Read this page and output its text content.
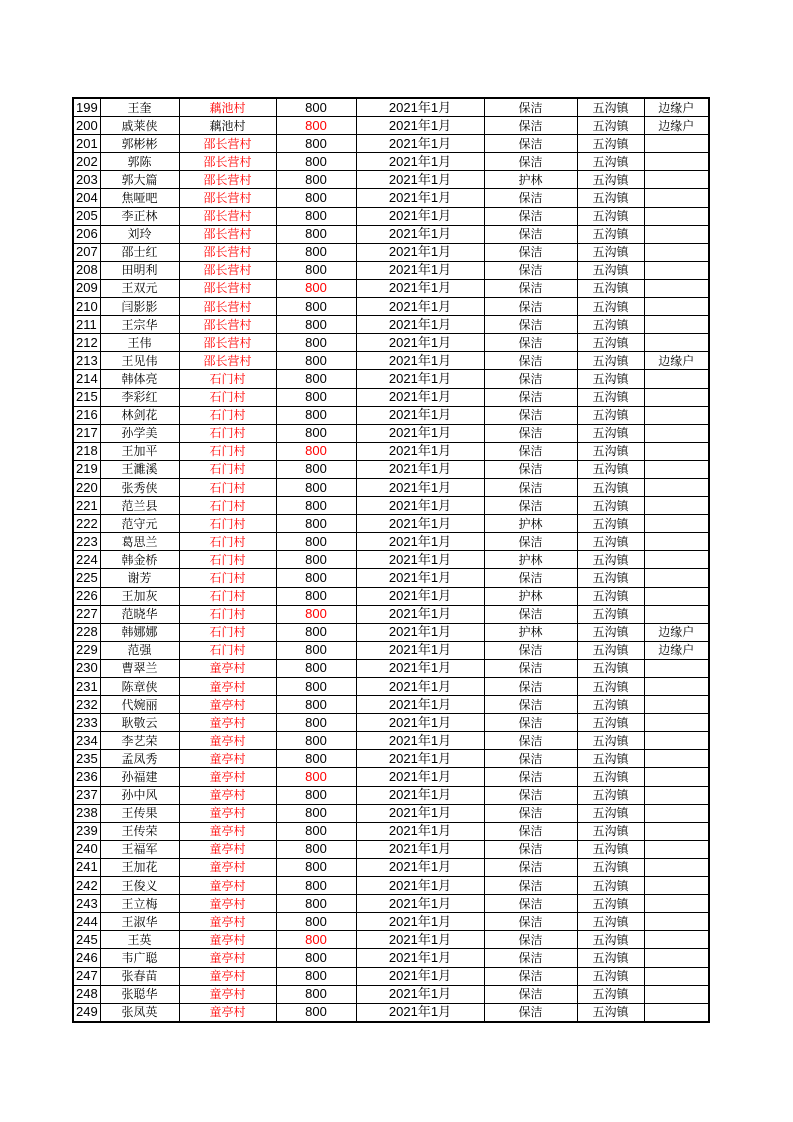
199	王奎	藕池村	800	2021年1月	保洁	五沟镇	边缘户
200	戚莱侠	藕池村	800	2021年1月	保洁	五沟镇	边缘户
201	郭彬彬	邵长营村	800	2021年1月	保洁	五沟镇	
202	郭陈	邵长营村	800	2021年1月	保洁	五沟镇	
203	郭大篇	邵长营村	800	2021年1月	护林	五沟镇	
204	焦哑吧	邵长营村	800	2021年1月	保洁	五沟镇	
205	李正林	邵长营村	800	2021年1月	保洁	五沟镇	
206	刘玲	邵长营村	800	2021年1月	保洁	五沟镇	
207	邵士红	邵长营村	800	2021年1月	保洁	五沟镇	
208	田明利	邵长营村	800	2021年1月	保洁	五沟镇	
209	王双元	邵长营村	800	2021年1月	保洁	五沟镇	
210	闫影影	邵长营村	800	2021年1月	保洁	五沟镇	
211	王宗华	邵长营村	800	2021年1月	保洁	五沟镇	
212	王伟	邵长营村	800	2021年1月	保洁	五沟镇	
213	王见伟	邵长营村	800	2021年1月	保洁	五沟镇	边缘户
214	韩体亮	石门村	800	2021年1月	保洁	五沟镇	
215	李彩红	石门村	800	2021年1月	保洁	五沟镇	
216	林剑花	石门村	800	2021年1月	保洁	五沟镇	
217	孙学美	石门村	800	2021年1月	保洁	五沟镇	
218	王加平	石门村	800	2021年1月	保洁	五沟镇	
219	王濉溪	石门村	800	2021年1月	保洁	五沟镇	
220	张秀侠	石门村	800	2021年1月	保洁	五沟镇	
221	范兰县	石门村	800	2021年1月	保洁	五沟镇	
222	范守元	石门村	800	2021年1月	护林	五沟镇	
223	葛思兰	石门村	800	2021年1月	保洁	五沟镇	
224	韩金桥	石门村	800	2021年1月	护林	五沟镇	
225	谢芳	石门村	800	2021年1月	保洁	五沟镇	
226	王加灰	石门村	800	2021年1月	护林	五沟镇	
227	范晓华	石门村	800	2021年1月	保洁	五沟镇	
228	韩娜娜	石门村	800	2021年1月	护林	五沟镇	边缘户
229	范强	石门村	800	2021年1月	保洁	五沟镇	边缘户
230	曹翠兰	童亭村	800	2021年1月	保洁	五沟镇	
231	陈章侠	童亭村	800	2021年1月	保洁	五沟镇	
232	代婉丽	童亭村	800	2021年1月	保洁	五沟镇	
233	耿敬云	童亭村	800	2021年1月	保洁	五沟镇	
234	李艺荣	童亭村	800	2021年1月	保洁	五沟镇	
235	孟凤秀	童亭村	800	2021年1月	保洁	五沟镇	
236	孙福建	童亭村	800	2021年1月	保洁	五沟镇	
237	孙中风	童亭村	800	2021年1月	保洁	五沟镇	
238	王传果	童亭村	800	2021年1月	保洁	五沟镇	
239	王传荣	童亭村	800	2021年1月	保洁	五沟镇	
240	王福军	童亭村	800	2021年1月	保洁	五沟镇	
241	王加花	童亭村	800	2021年1月	保洁	五沟镇	
242	王俊义	童亭村	800	2021年1月	保洁	五沟镇	
243	王立梅	童亭村	800	2021年1月	保洁	五沟镇	
244	王淑华	童亭村	800	2021年1月	保洁	五沟镇	
245	王英	童亭村	800	2021年1月	保洁	五沟镇	
246	韦广聪	童亭村	800	2021年1月	保洁	五沟镇	
247	张春苗	童亭村	800	2021年1月	保洁	五沟镇	
248	张聪华	童亭村	800	2021年1月	保洁	五沟镇	
249	张凤英	童亭村	800	2021年1月	保洁	五沟镇	
